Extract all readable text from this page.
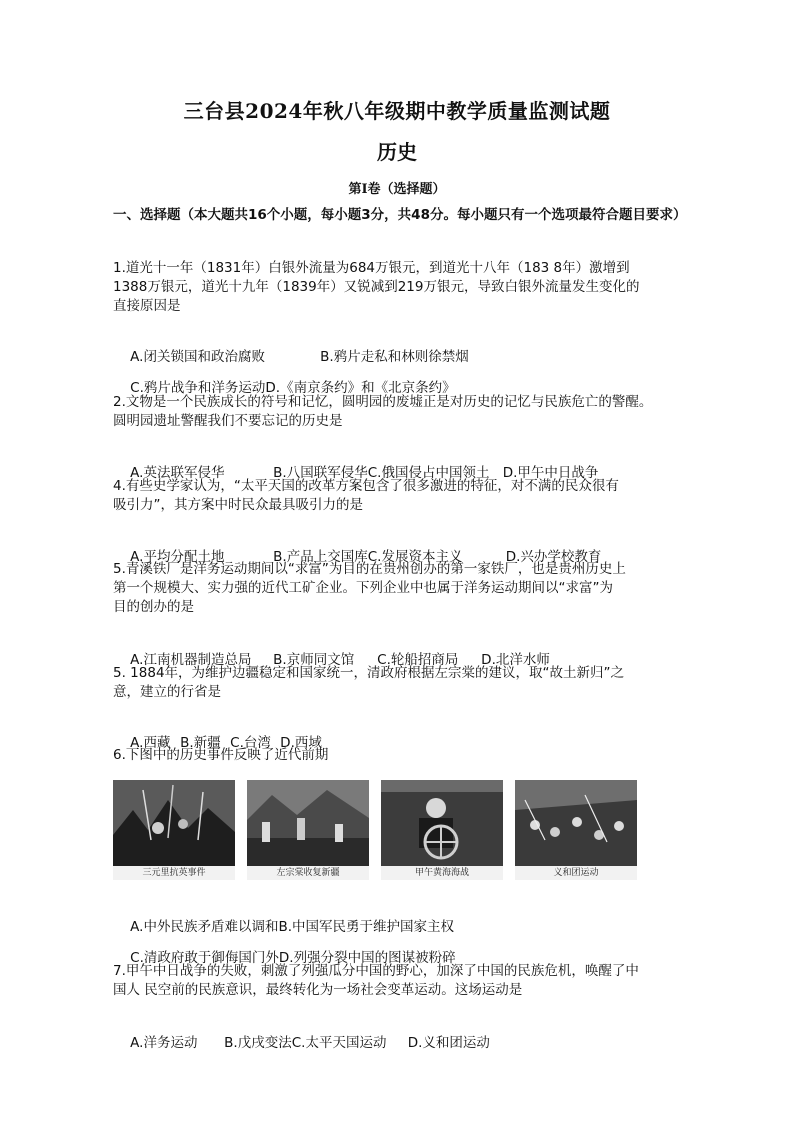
三台县2024年秋八年级期中教学质量监测试题
历史
第Ⅰ卷（选择题）
一、选择题（本大题共16个小题，每小题3分，共48分。每小题只有一个选项最符合题目要求）
1.道光十一年（1831年）白银外流量为684万银元，到道光十八年（183 8年）激增到
1388万银元，道光十九年（1839年）又锐减到219万银元，导致白银外流量发生变化的
直接原因是

A.闭关锁国和政治腐败	B.鸦片走私和林则徐禁烟

C.鸦片战争和洋务运动D.《南京条约》和《北京条约》

2.文物是一个民族成长的符号和记忆，圆明园的废墟正是对历史的记忆与民族危亡的警醒。
圆明园遗址警醒我们不要忘记的历史是

A.英法联军侵华	B.八国联军侵华C.俄国侵占中国领土 D.甲午中日战争

4.有些史学家认为，“太平天国的改革方案包含了很多激进的特征，对不满的民众很有
吸引力”，其方案中时民众最具吸引力的是

A.平均分配土地	B.产品上交国库C.发展资本主义	D.兴办学校教育

5.青溪铁厂是洋务运动期间以“求富”为目的在贵州创办的第一家铁厂，也是贵州历史上
第一个规模大、实力强的近代工矿企业。下列企业中也属于洋务运动期间以“求富”为
目的创办的是

A.江南机器制造总局 B.京师同文馆 C.轮船招商局 D.北洋水师

5. 1884年，为维护边疆稳定和国家统一，清政府根据左宗棠的建议，取“故土新归”之
意，建立的行省是

A.西藏 B.新疆 C.台湾 D.西域

6.下图中的历史事件反映了近代前期
三元里抗英事件	左宗棠收复新疆	甲午黄海海战	义和团运动

A.中外民族矛盾难以调和B.中国军民勇于维护国家主权

C.清政府敢于御侮国门外D.列强分裂中国的图谋被粉碎

7.甲午中日战争的失败，刺激了列强瓜分中国的野心，加深了中国的民族危机，唤醒了中
国人 民空前的民族意识，最终转化为一场社会变革运动。这场运动是

A.洋务运动 B.戊戌变法C.太平天国运动 D.义和团运动
